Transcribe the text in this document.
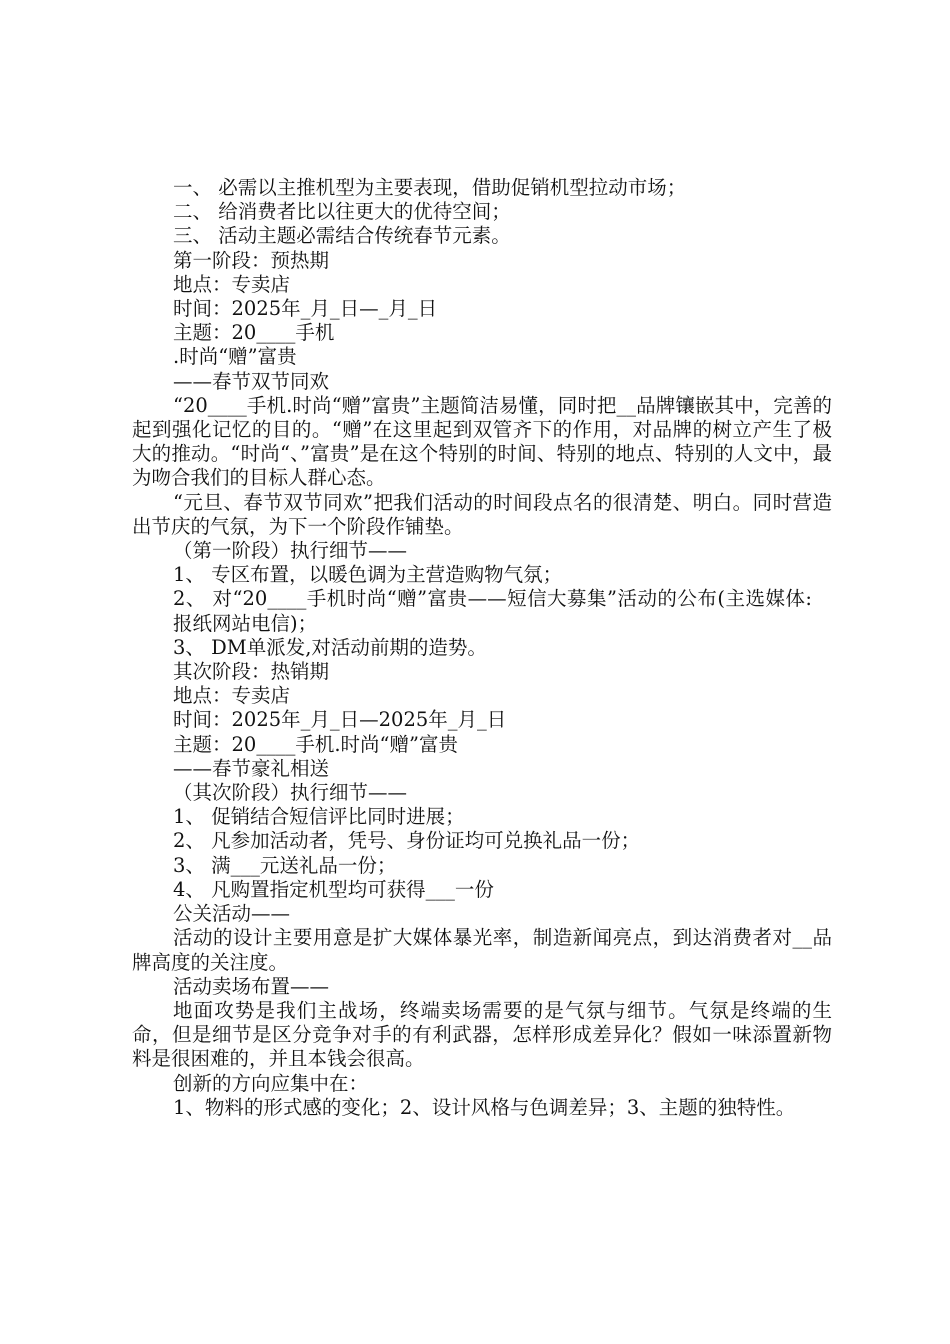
一、 必需以主推机型为主要表现，借助促销机型拉动市场；

二、 给消费者比以往更大的优待空间；

三、 活动主题必需结合传统春节元素。

第一阶段：预热期

地点：专卖店

时间：2025年_月_日—_月_日

主题：20____手机

.时尚“赠”富贵

——春节双节同欢

“20____手机.时尚“赠”富贵”主题简洁易懂，同时把__品牌镶嵌其中，完善的起到强化记忆的目的。“赠”在这里起到双管齐下的作用，对品牌的树立产生了极大的推动。“时尚“、”富贵”是在这个特别的时间、特别的地点、特别的人文中，最为吻合我们的目标人群心态。

“元旦、春节双节同欢”把我们活动的时间段点名的很清楚、明白。同时营造出节庆的气氛，为下一个阶段作铺垫。

（第一阶段）执行细节——

1、 专区布置，以暖色调为主营造购物气氛；

2、 对“20____手机时尚“赠”富贵——短信大募集”活动的公布(主选媒体:报纸网站电信)；

3、 DM单派发,对活动前期的造势。

其次阶段：热销期

地点：专卖店

时间：2025年_月_日—2025年_月_日

主题：20____手机.时尚“赠”富贵

——春节豪礼相送

（其次阶段）执行细节——

1、 促销结合短信评比同时进展；

2、 凡参加活动者，凭号、身份证均可兑换礼品一份；

3、 满___元送礼品一份；

4、 凡购置指定机型均可获得___一份

公关活动——

活动的设计主要用意是扩大媒体暴光率，制造新闻亮点，到达消费者对__品牌高度的关注度。

活动卖场布置——

地面攻势是我们主战场，终端卖场需要的是气氛与细节。气氛是终端的生命，但是细节是区分竞争对手的有利武器，怎样形成差异化？假如一味添置新物料是很困难的，并且本钱会很高。

创新的方向应集中在：

1、物料的形式感的变化；2、设计风格与色调差异；3、主题的独特性。
